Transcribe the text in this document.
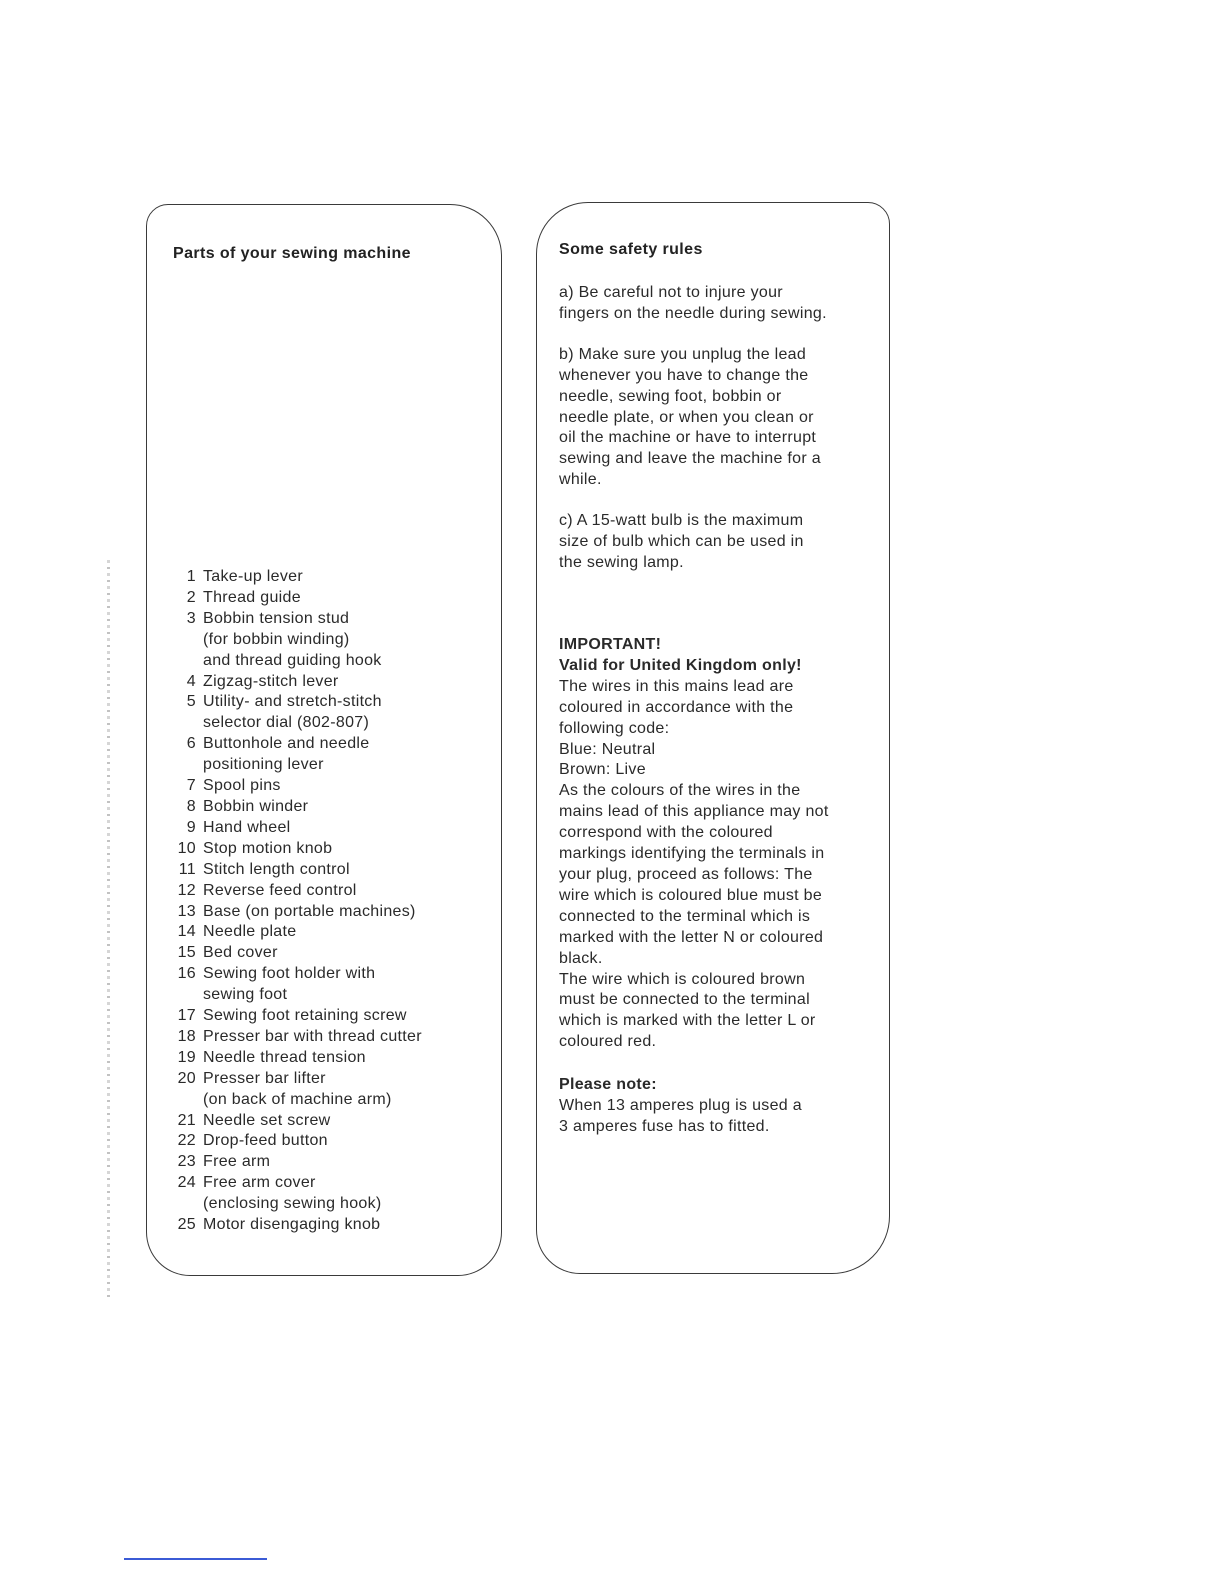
Parts of your sewing machine
1 Take-up lever
2 Thread guide
3 Bobbin tension stud
(for bobbin winding)
and thread guiding hook
4 Zigzag-stitch lever
5 Utility- and stretch-stitch
selector dial (802-807)
6 Buttonhole and needle
positioning lever
7 Spool pins
8 Bobbin winder
9 Hand wheel
10 Stop motion knob
11 Stitch length control
12 Reverse feed control
13 Base (on portable machines)
14 Needle plate
15 Bed cover
16 Sewing foot holder with
sewing foot
17 Sewing foot retaining screw
18 Presser bar with thread cutter
19 Needle thread tension
20 Presser bar lifter
(on back of machine arm)
21 Needle set screw
22 Drop-feed button
23 Free arm
24 Free arm cover
(enclosing sewing hook)
25 Motor disengaging knob
Some safety rules
a) Be careful not to injure your
fingers on the needle during sewing.
b) Make sure you unplug the lead
whenever you have to change the
needle, sewing foot, bobbin or
needle plate, or when you clean or
oil the machine or have to interrupt
sewing and leave the machine for a
while.
c) A 15-watt bulb is the maximum
size of bulb which can be used in
the sewing lamp.
IMPORTANT!
Valid for United Kingdom only!
The wires in this mains lead are
coloured in accordance with the
following code:
Blue: Neutral
Brown: Live
As the colours of the wires in the
mains lead of this appliance may not
correspond with the coloured
markings identifying the terminals in
your plug, proceed as follows: The
wire which is coloured blue must be
connected to the terminal which is
marked with the letter N or coloured
black.
The wire which is coloured brown
must be connected to the terminal
which is marked with the letter L or
coloured red.
Please note:
When 13 amperes plug is used a
3 amperes fuse has to fitted.
